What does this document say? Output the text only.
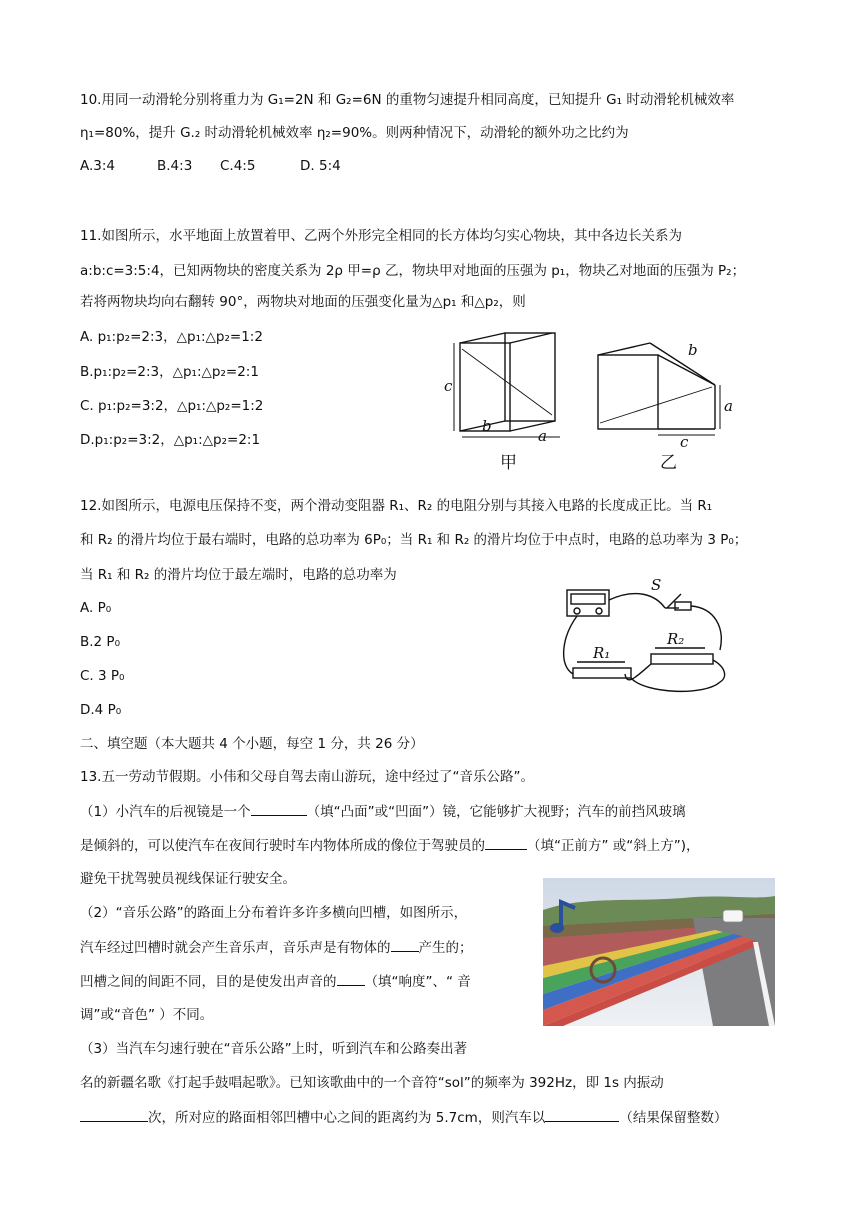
10.用同一动滑轮分别将重力为 G₁=2N 和 G₂=6N 的重物匀速提升相同高度，已知提升 G₁ 时动滑轮机械效率
η₁=80%，提升 G.₂ 时动滑轮机械效率 η₂=90%。则两种情况下，动滑轮的额外功之比约为
A.3:4	B.4:3 C.4:5	D. 5:4
11.如图所示，水平地面上放置着甲、乙两个外形完全相同的长方体均匀实心物块，其中各边长关系为
a:b:c=3:5:4，已知两物块的密度关系为 2ρ 甲=ρ 乙，物块甲对地面的压强为 p₁，物块乙对地面的压强为 P₂；
若将两物块均向右翻转 90°，两物块对地面的压强变化量为△p₁ 和△p₂，则
A. p₁:p₂=2:3，△p₁:△p₂=1:2
B.p₁:p₂=2:3，△p₁:△p₂=2:1
C. p₁:p₂=3:2，△p₁:△p₂=1:2
D.p₁:p₂=3:2，△p₁:△p₂=2:1
c
b
a
甲
b
a
c
乙
12.如图所示，电源电压保持不变，两个滑动变阻器 R₁、R₂ 的电阻分别与其接入电路的长度成正比。当 R₁
和 R₂ 的滑片均位于最右端时，电路的总功率为 6P₀；当 R₁ 和 R₂ 的滑片均位于中点时，电路的总功率为 3 P₀；
当 R₁ 和 R₂ 的滑片均位于最左端时，电路的总功率为
A. P₀
B.2 P₀
C. 3 P₀
D.4 P₀
S
R₁
R₂
二、填空题（本大题共 4 个小题，每空 1 分，共 26 分）
13.五一劳动节假期。小伟和父母自驾去南山游玩，途中经过了“音乐公路”。
（1）小汽车的后视镜是一个	（填“凸面”或“凹面”）镜，它能够扩大视野；汽车的前挡风玻璃
是倾斜的，可以使汽车在夜间行驶时车内物体所成的像位于驾驶员的	（填“正前方” 或“斜上方”)，
避免干扰驾驶员视线保证行驶安全。
（2）“音乐公路”的路面上分布着许多许多横向凹槽，如图所示，
汽车经过凹槽时就会产生音乐声，音乐声是有物体的 产生的；
凹槽之间的间距不同，目的是使发出声音的 （填“响度”、“ 音
调”或“音色” ）不同。
（3）当汽车匀速行驶在“音乐公路”上时，听到汽车和公路奏出著
名的新疆名歌《打起手鼓唱起歌》。已知该歌曲中的一个音符“sol”的频率为 392Hz，即 1s 内振动
次，所对应的路面相邻凹槽中心之间的距离约为 5.7cm，则汽车以	（结果保留整数）
